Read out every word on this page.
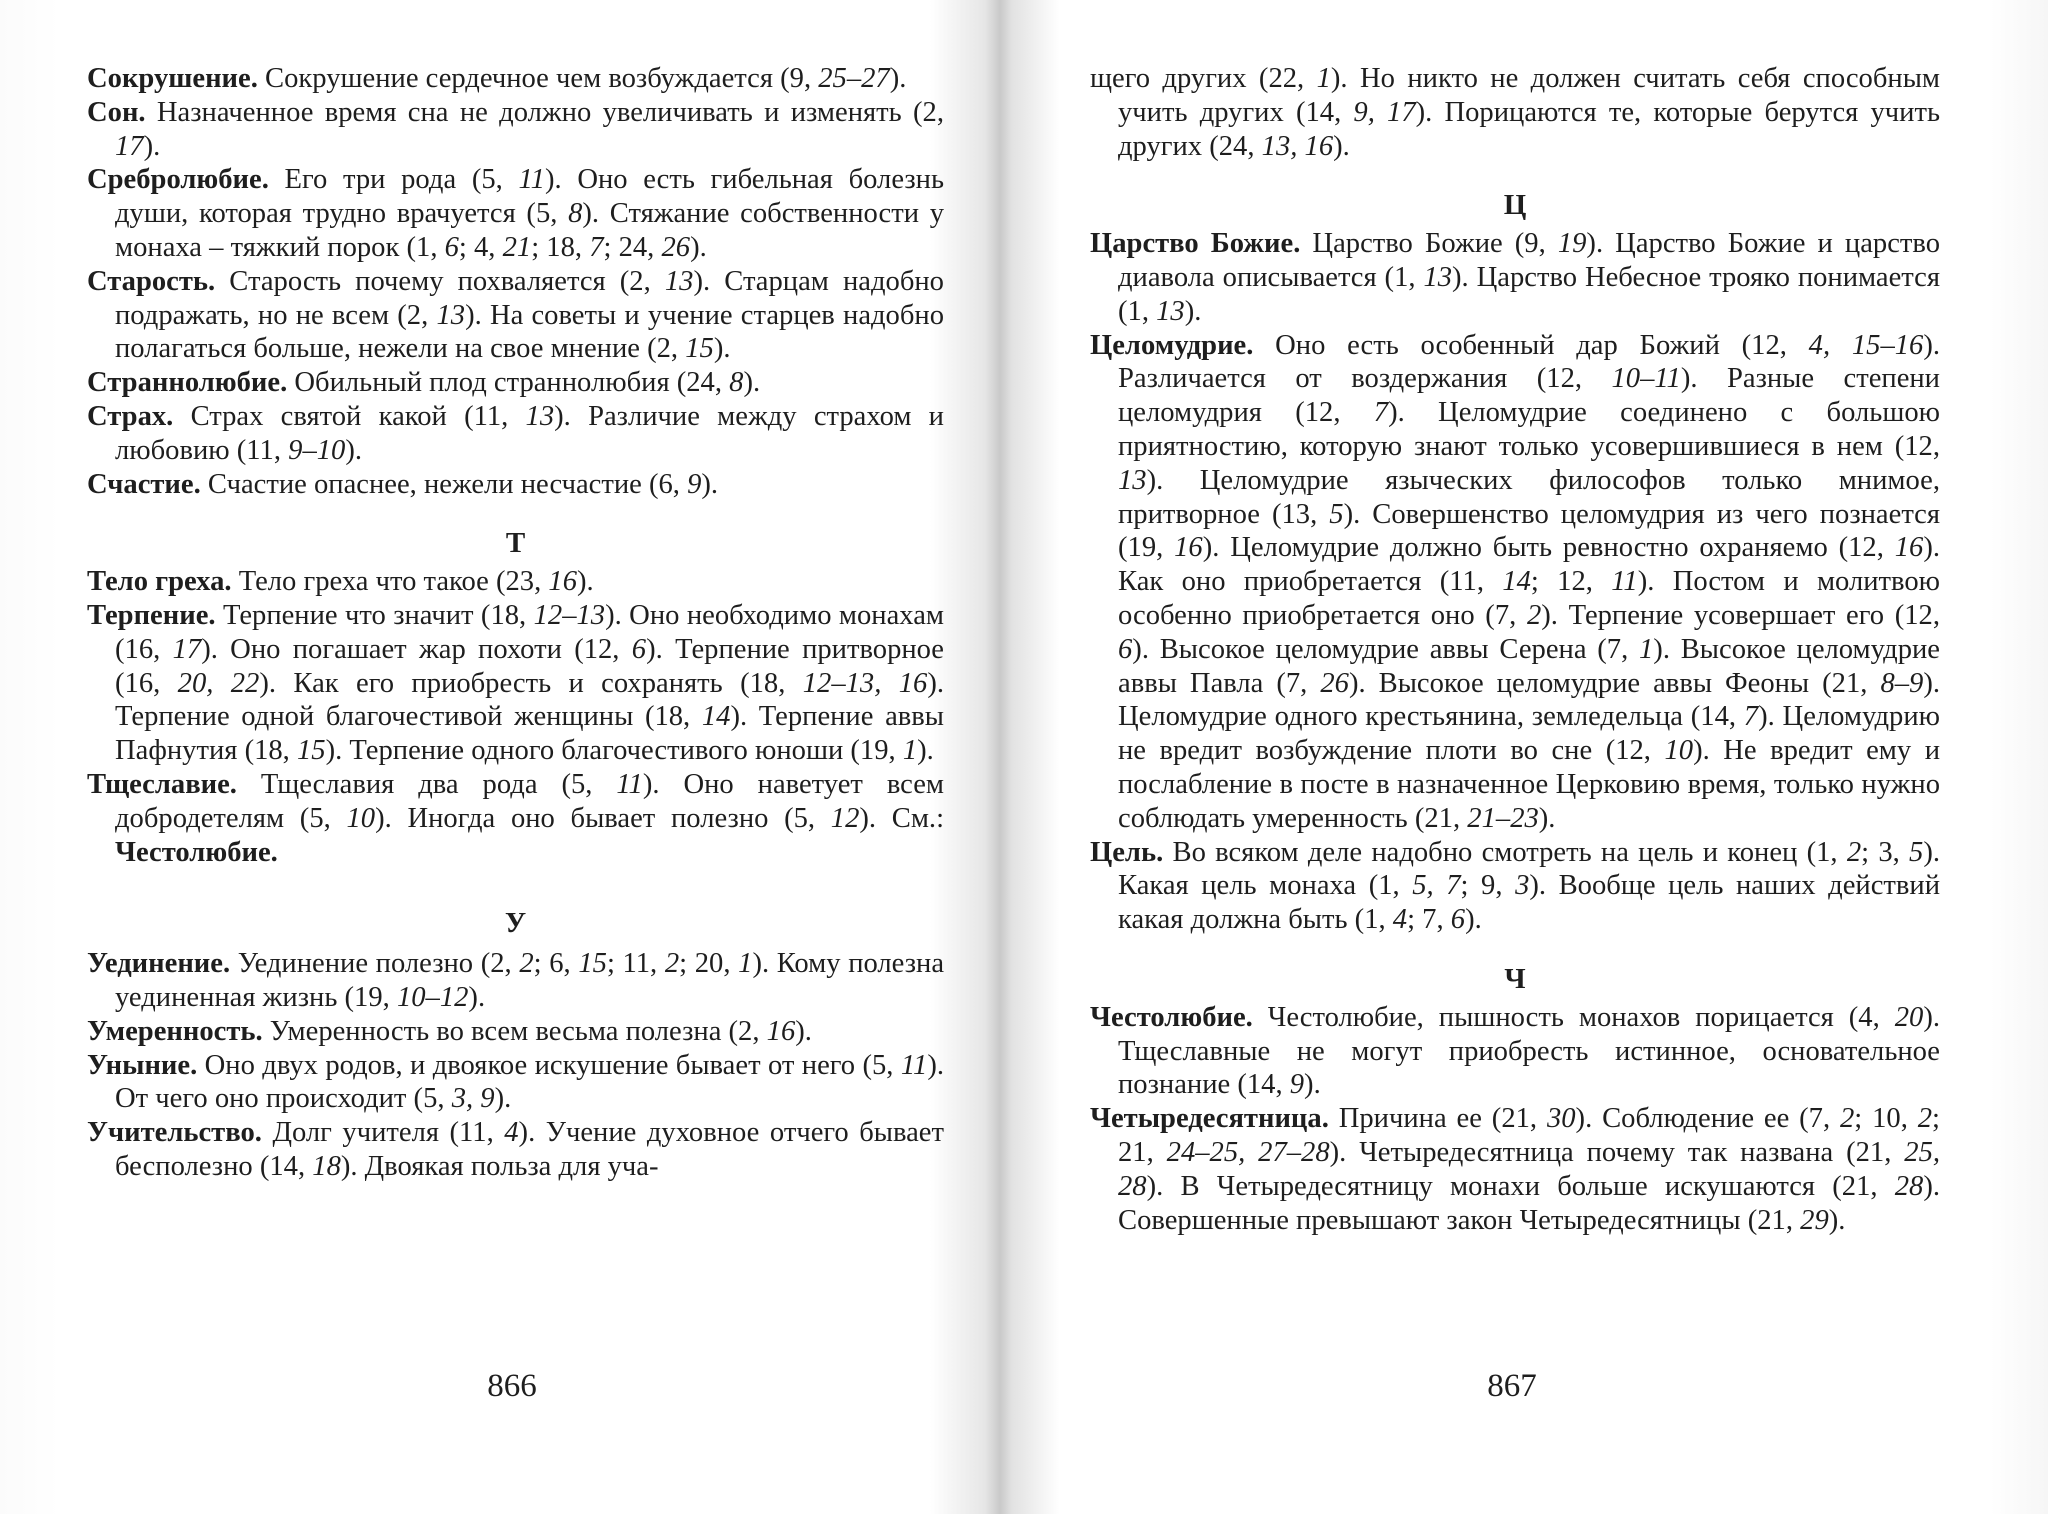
Сокрушение. Сокрушение сердечное чем возбуждается (9, 25–27).

Сон. Назначенное время сна не должно увеличивать и изменять (2, 17).

Сребролюбие. Его три рода (5, 11). Оно есть гибельная болезнь души, которая трудно врачуется (5, 8). Стяжание собственности у монаха – тяжкий порок (1, 6; 4, 21; 18, 7; 24, 26).

Старость. Старость почему похваляется (2, 13). Старцам надобно подражать, но не всем (2, 13). На советы и учение старцев надобно полагаться больше, нежели на свое мнение (2, 15).

Страннолюбие. Обильный плод страннолюбия (24, 8).

Страх. Страх святой какой (11, 13). Различие между страхом и любовию (11, 9–10).

Счастие. Счастие опаснее, нежели несчастие (6, 9).

Т

Тело греха. Тело греха что такое (23, 16).

Терпение. Терпение что значит (18, 12–13). Оно необходимо монахам (16, 17). Оно погашает жар похоти (12, 6). Терпение притворное (16, 20, 22). Как его приобресть и сохранять (18, 12–13, 16). Терпение одной благочестивой женщины (18, 14). Терпение аввы Пафнутия (18, 15). Терпение одного благочестивого юноши (19, 1).

Тщеславие. Тщеславия два рода (5, 11). Оно наветует всем добродетелям (5, 10). Иногда оно бывает полезно (5, 12). См.: Честолюбие.

У

Уединение. Уединение полезно (2, 2; 6, 15; 11, 2; 20, 1). Кому полезна уединенная жизнь (19, 10–12).

Умеренность. Умеренность во всем весьма полезна (2, 16).

Уныние. Оно двух родов, и двоякое искушение бывает от него (5, 11). От чего оно происходит (5, 3, 9).

Учительство. Долг учителя (11, 4). Учение духовное отчего бывает бесполезно (14, 18). Двоякая польза для уча-

866

щего других (22, 1). Но никто не должен считать себя способным учить других (14, 9, 17). Порицаются те, которые берутся учить других (24, 13, 16).

Ц

Царство Божие. Царство Божие (9, 19). Царство Божие и царство диавола описывается (1, 13). Царство Небесное трояко понимается (1, 13).

Целомудрие. Оно есть особенный дар Божий (12, 4, 15–16). Различается от воздержания (12, 10–11). Разные степени целомудрия (12, 7). Целомудрие соединено с большою приятностию, которую знают только усовершившиеся в нем (12, 13). Целомудрие языческих философов только мнимое, притворное (13, 5). Совершенство целомудрия из чего познается (19, 16). Целомудрие должно быть ревностно охраняемо (12, 16). Как оно приобретается (11, 14; 12, 11). Постом и молитвою особенно приобретается оно (7, 2). Терпение усовершает его (12, 6). Высокое целомудрие аввы Серена (7, 1). Высокое целомудрие аввы Павла (7, 26). Высокое целомудрие аввы Феоны (21, 8–9). Целомудрие одного крестьянина, земледельца (14, 7). Целомудрию не вредит возбуждение плоти во сне (12, 10). Не вредит ему и послабление в посте в назначенное Церковию время, только нужно соблюдать умеренность (21, 21–23).

Цель. Во всяком деле надобно смотреть на цель и конец (1, 2; 3, 5). Какая цель монаха (1, 5, 7; 9, 3). Вообще цель наших действий какая должна быть (1, 4; 7, 6).

Ч

Честолюбие. Честолюбие, пышность монахов порицается (4, 20). Тщеславные не могут приобресть истинное, основательное познание (14, 9).

Четыредесятница. Причина ее (21, 30). Соблюдение ее (7, 2; 10, 2; 21, 24–25, 27–28). Четыредесятница почему так названа (21, 25, 28). В Четыредесятницу монахи больше искушаются (21, 28). Совершенные превышают закон Четыредесятницы (21, 29).

867
